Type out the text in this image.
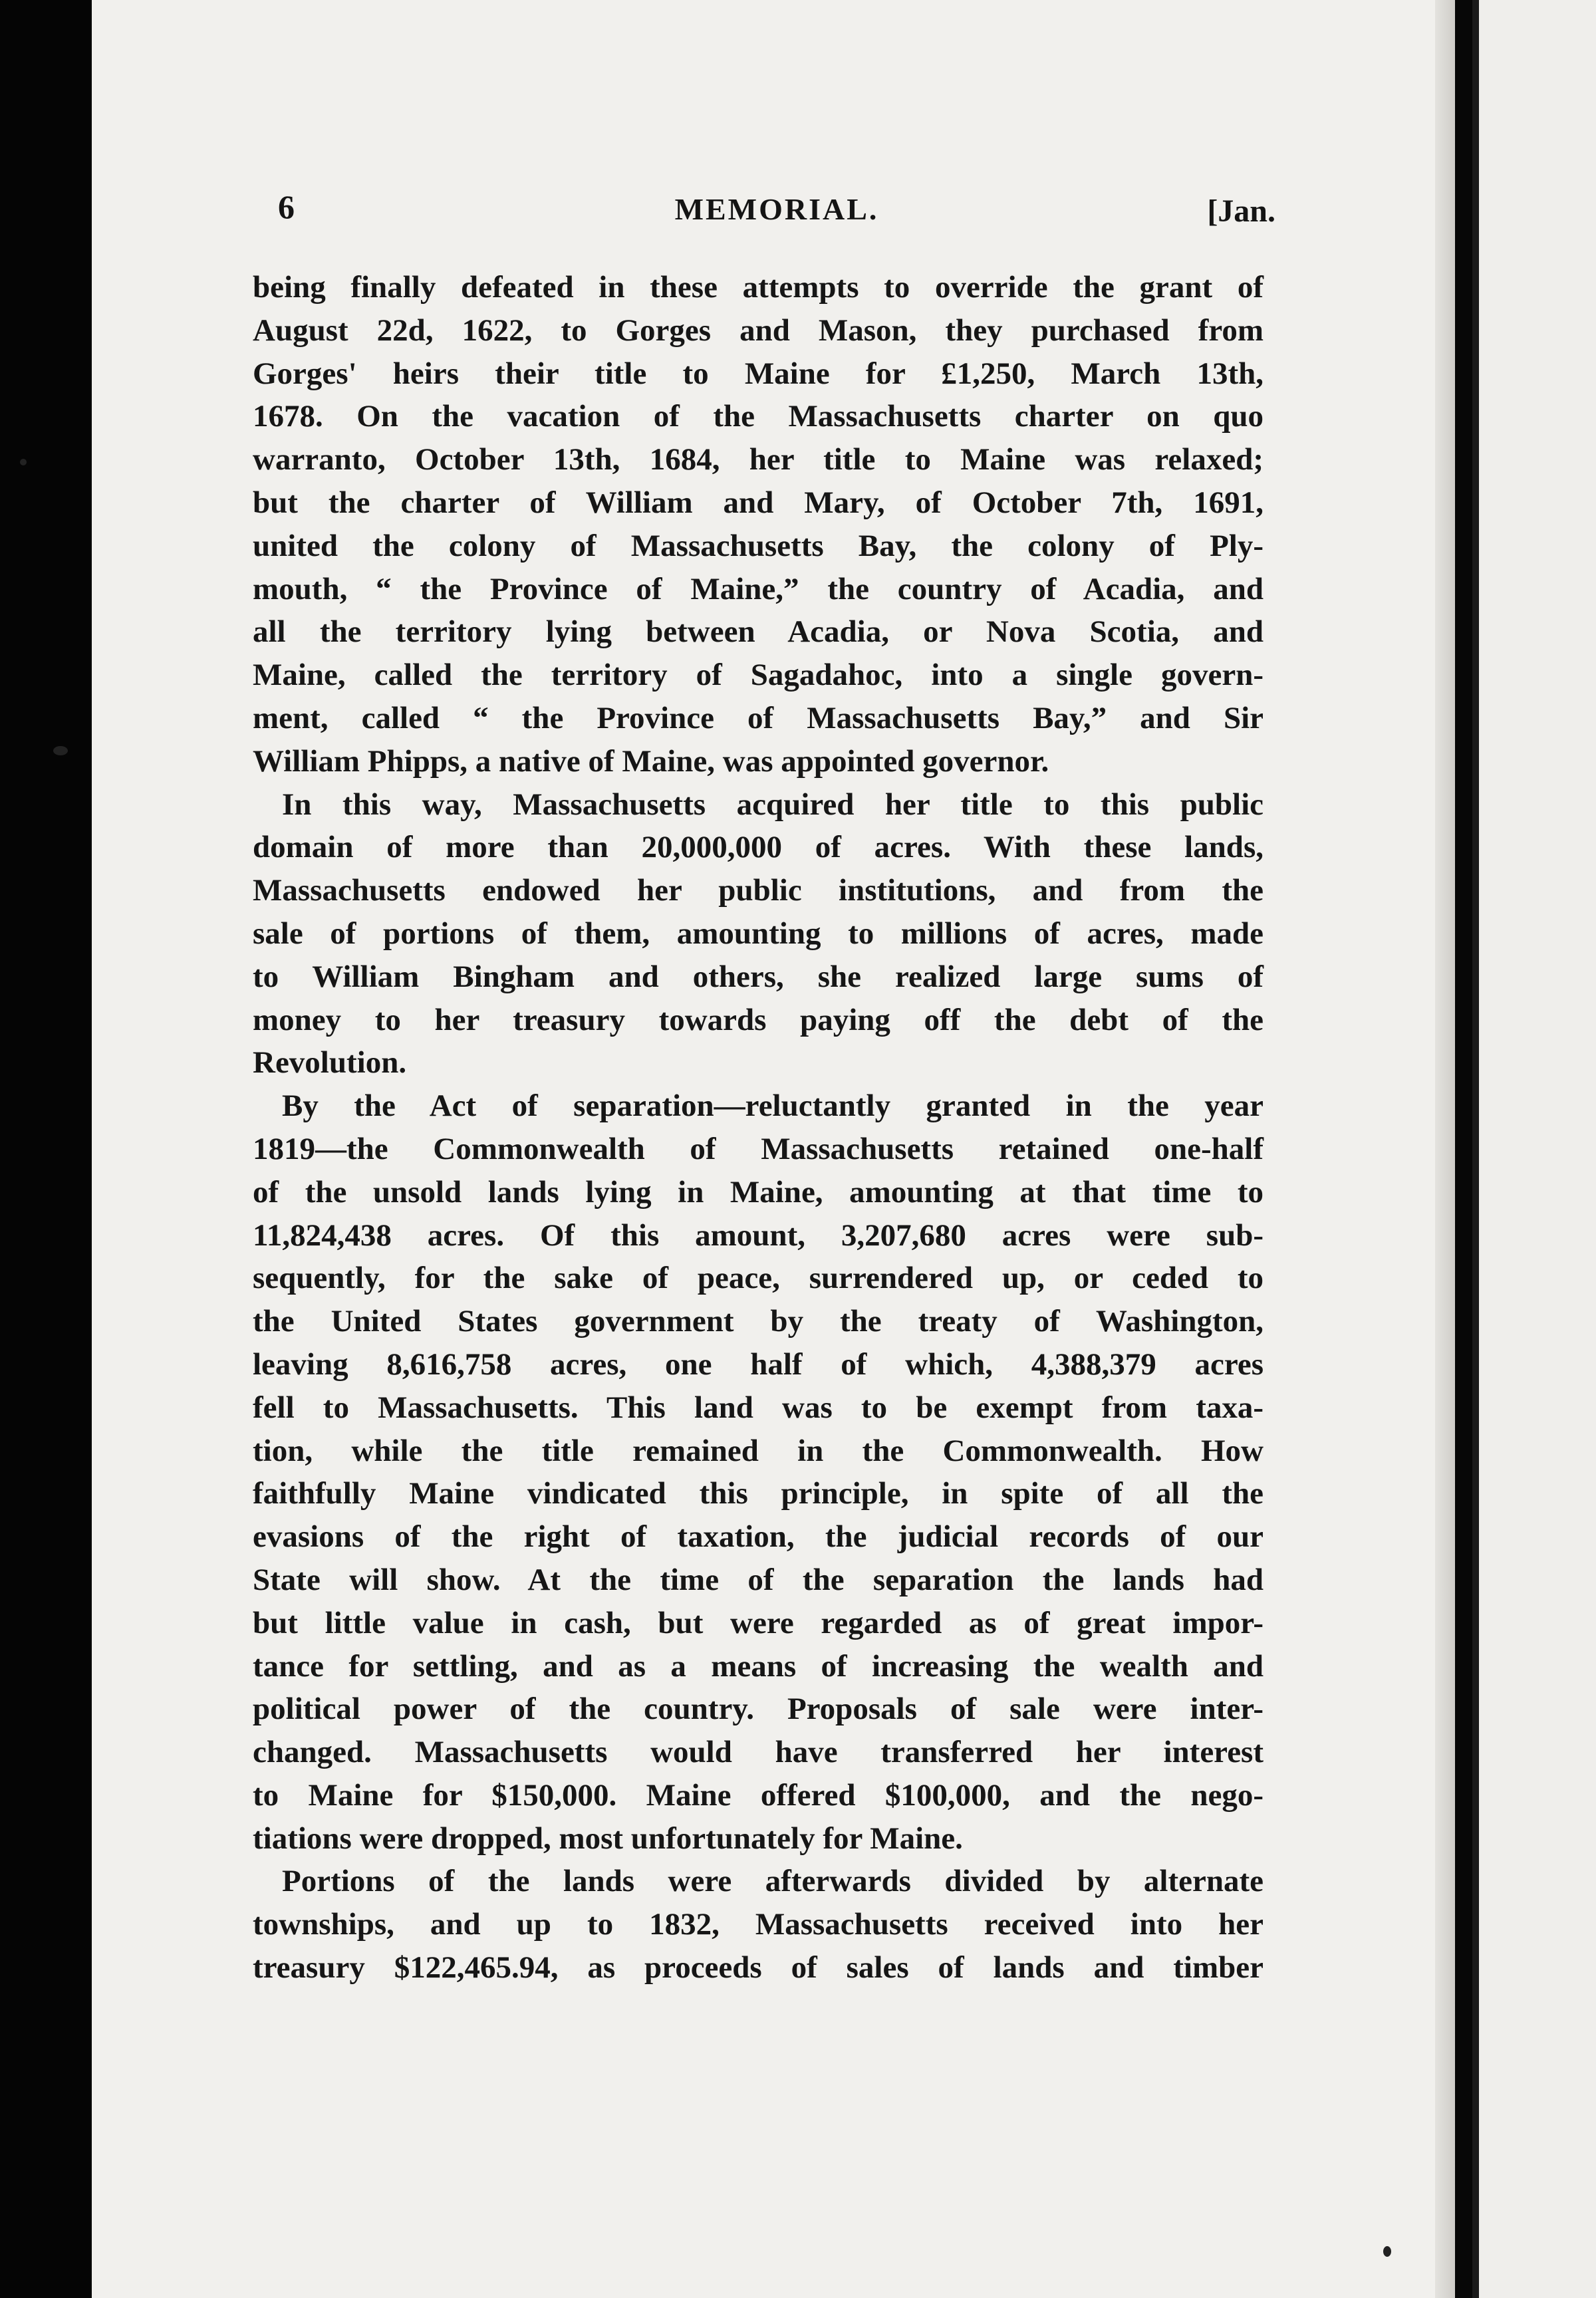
6	MEMORIAL.	[Jan.
being finally defeated in these attempts to override the grant of
August 22d, 1622, to Gorges and Mason, they purchased from
Gorges' heirs their title to Maine for £1,250, March 13th,
1678. On the vacation of the Massachusetts charter on quo
warranto, October 13th, 1684, her title to Maine was relaxed;
but the charter of William and Mary, of October 7th, 1691,
united the colony of Massachusetts Bay, the colony of Ply-
mouth, “ the Province of Maine,” the country of Acadia, and
all the territory lying between Acadia, or Nova Scotia, and
Maine, called the territory of Sagadahoc, into a single govern-
ment, called “ the Province of Massachusetts Bay,” and Sir
William Phipps, a native of Maine, was appointed governor.
In this way, Massachusetts acquired her title to this public
domain of more than 20,000,000 of acres. With these lands,
Massachusetts endowed her public institutions, and from the
sale of portions of them, amounting to millions of acres, made
to William Bingham and others, she realized large sums of
money to her treasury towards paying off the debt of the
Revolution.
By the Act of separation—reluctantly granted in the year
1819—the Commonwealth of Massachusetts retained one-half
of the unsold lands lying in Maine, amounting at that time to
11,824,438 acres. Of this amount, 3,207,680 acres were sub-
sequently, for the sake of peace, surrendered up, or ceded to
the United States government by the treaty of Washington,
leaving 8,616,758 acres, one half of which, 4,388,379 acres
fell to Massachusetts. This land was to be exempt from taxa-
tion, while the title remained in the Commonwealth. How
faithfully Maine vindicated this principle, in spite of all the
evasions of the right of taxation, the judicial records of our
State will show. At the time of the separation the lands had
but little value in cash, but were regarded as of great impor-
tance for settling, and as a means of increasing the wealth and
political power of the country. Proposals of sale were inter-
changed. Massachusetts would have transferred her interest
to Maine for $150,000. Maine offered $100,000, and the nego-
tiations were dropped, most unfortunately for Maine.
Portions of the lands were afterwards divided by alternate
townships, and up to 1832, Massachusetts received into her
treasury $122,465.94, as proceeds of sales of lands and timber
